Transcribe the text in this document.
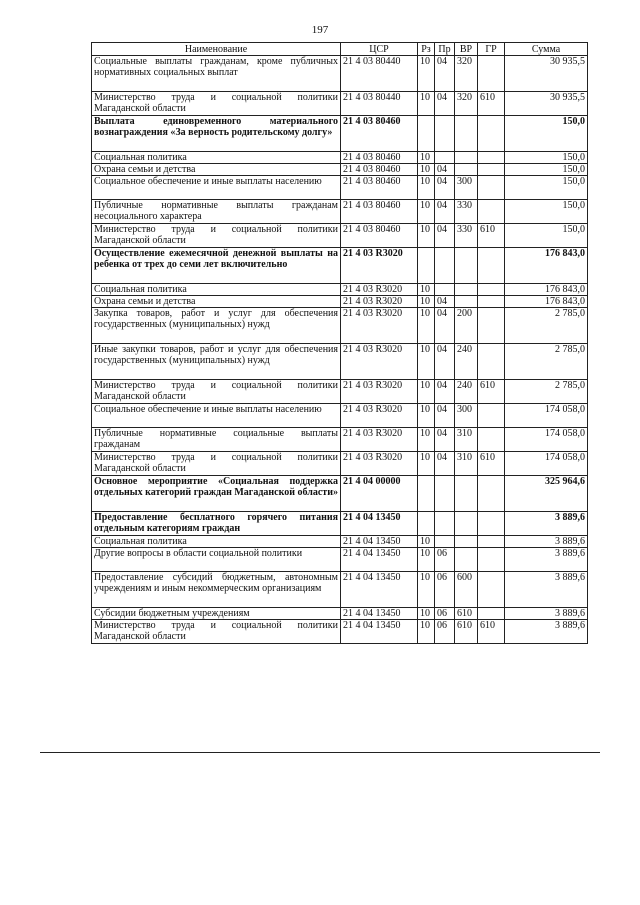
197
Наименование	ЦСР	Рз	Пр	ВР	ГР	Сумма
Социальные выплаты гражданам, кроме публичных нормативных социальных выплат	21 4 03 80440	10	04	320		30 935,5
Министерство труда и социальной политики Магаданской области	21 4 03 80440	10	04	320	610	30 935,5
Выплата единовременного материального вознаграждения «За верность родительскому долгу»	21 4 03 80460					150,0
Социальная политика	21 4 03 80460	10				150,0
Охрана семьи и детства	21 4 03 80460	10	04			150,0
Социальное обеспечение и иные выплаты населению	21 4 03 80460	10	04	300		150,0
Публичные нормативные выплаты гражданам несоциального характера	21 4 03 80460	10	04	330		150,0
Министерство труда и социальной политики Магаданской области	21 4 03 80460	10	04	330	610	150,0
Осуществление ежемесячной денежной выплаты на ребенка от трех до семи лет включительно	21 4 03 R3020					176 843,0
Социальная политика	21 4 03 R3020	10				176 843,0
Охрана семьи и детства	21 4 03 R3020	10	04			176 843,0
Закупка товаров, работ и услуг для обеспечения государственных (муниципальных) нужд	21 4 03 R3020	10	04	200		2 785,0
Иные закупки товаров, работ и услуг для обеспечения государственных (муниципальных) нужд	21 4 03 R3020	10	04	240		2 785,0
Министерство труда и социальной политики Магаданской области	21 4 03 R3020	10	04	240	610	2 785,0
Социальное обеспечение и иные выплаты населению	21 4 03 R3020	10	04	300		174 058,0
Публичные нормативные социальные выплаты гражданам	21 4 03 R3020	10	04	310		174 058,0
Министерство труда и социальной политики Магаданской области	21 4 03 R3020	10	04	310	610	174 058,0
Основное мероприятие «Социальная поддержка отдельных категорий граждан Магаданской области»	21 4 04 00000					325 964,6
Предоставление бесплатного горячего питания отдельным категориям граждан	21 4 04 13450					3 889,6
Социальная политика	21 4 04 13450	10				3 889,6
Другие вопросы в области социальной политики	21 4 04 13450	10	06			3 889,6
Предоставление субсидий бюджетным, автономным учреждениям и иным некоммерческим организациям	21 4 04 13450	10	06	600		3 889,6
Субсидии бюджетным учреждениям	21 4 04 13450	10	06	610		3 889,6
Министерство труда и социальной политики Магаданской области	21 4 04 13450	10	06	610	610	3 889,6
